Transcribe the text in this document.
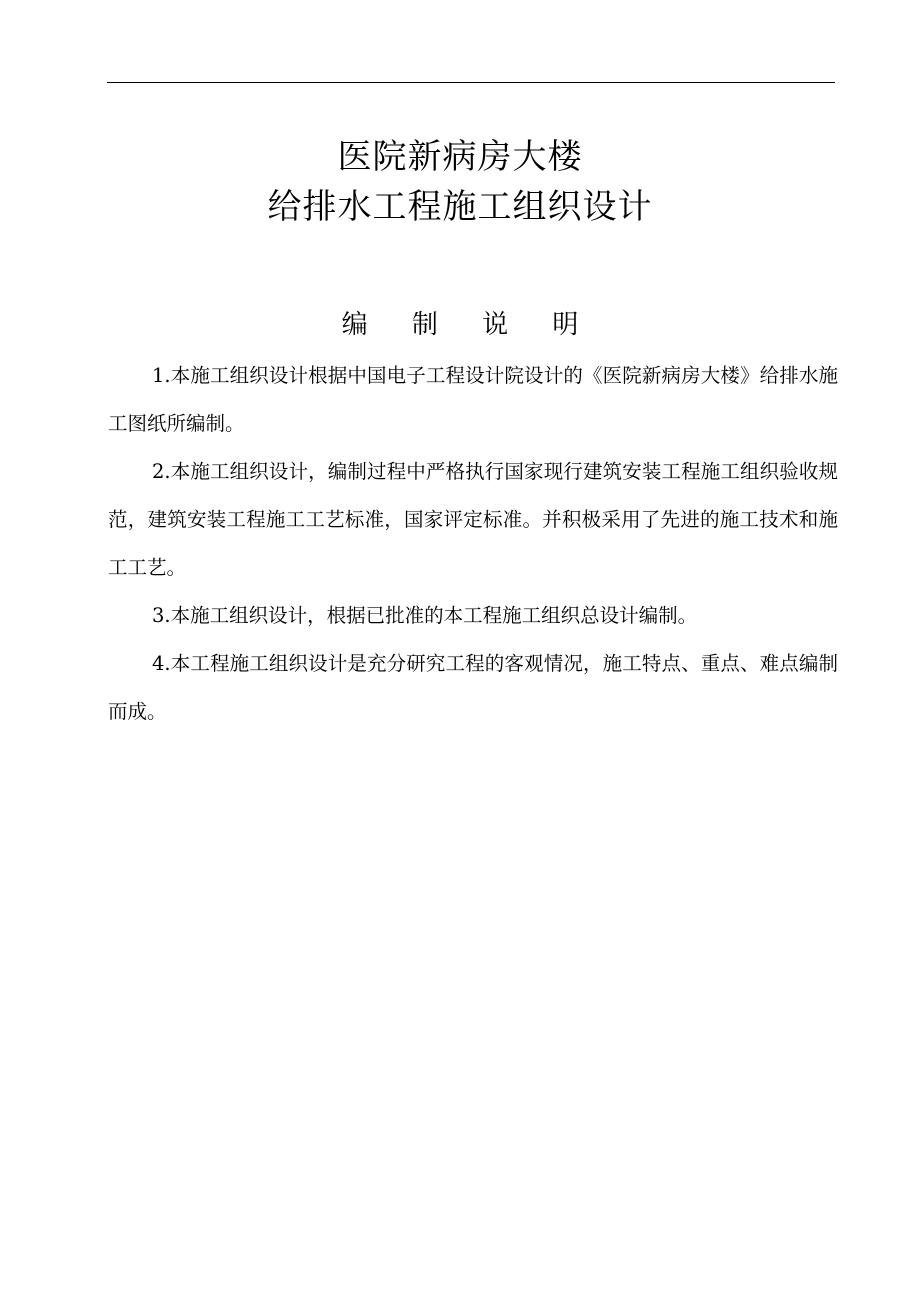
医院新病房大楼
给排水工程施工组织设计
编 制 说 明

1.本施工组织设计根据中国电子工程设计院设计的《医院新病房大楼》给排水施工图纸所编制。

2.本施工组织设计，编制过程中严格执行国家现行建筑安装工程施工组织验收规范，建筑安装工程施工工艺标准，国家评定标准。并积极采用了先进的施工技术和施工工艺。

3.本施工组织设计，根据已批准的本工程施工组织总设计编制。

4.本工程施工组织设计是充分研究工程的客观情况，施工特点、重点、难点编制而成。
